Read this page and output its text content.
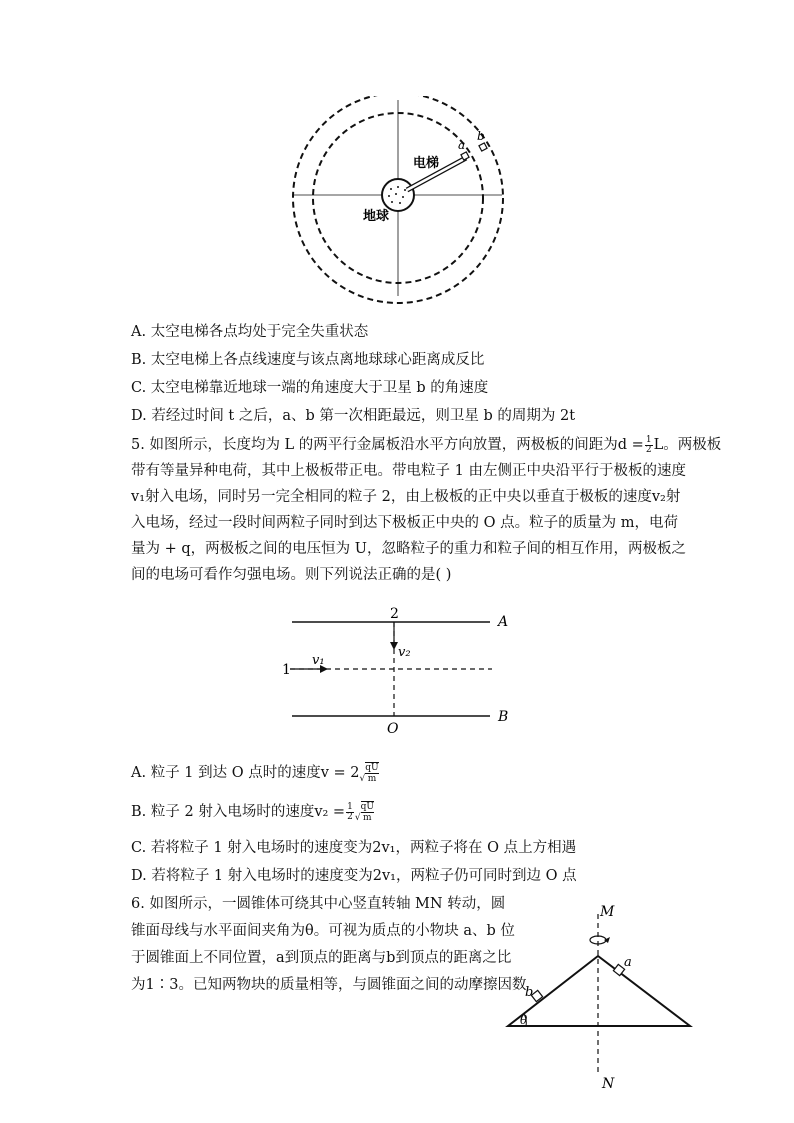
电梯
地球
a
b
A. 太空电梯各点均处于完全失重状态
B. 太空电梯上各点线速度与该点离地球球心距离成反比
C. 太空电梯靠近地球一端的角速度大于卫星 b 的角速度
D. 若经过时间 t 之后，a、b 第一次相距最远，则卫星 b 的周期为 2t
5. 如图所示，长度均为 L 的两平行金属板沿水平方向放置，两极板的间距为$d = \frac{1}{2}$ L。两极板
带有等量异种电荷，其中上极板带正电。带电粒子 1 由左侧正中央沿平行于极板的速度v₁射入电场，同时另一完全相同的粒子 2，由上极板的正中央以垂直于极板的速度v₂射入电场，经过一段时间两粒子同时到达下极板正中央的 O 点。粒子的质量为 m，电荷量为 + q，两极板之间的电压恒为 U，忽略粒子的重力和粒子间的相互作用，两极板之间的电场可看作匀强电场。则下列说法正确的是( )
2	A
v₂
1
v₁
O
B
A. 粒子 1 到达 O 点时的速度$v = 2√ \frac{qU}{m}$
B. 粒子 2 射入电场时的速度$v_2 = \frac{1}{2}$ √ $\frac{qU}{m}$
C. 若将粒子 1 射入电场时的速度变为2v₁，两粒子将在 O 点上方相遇
D. 若将粒子 1 射入电场时的速度变为2v₁，两粒子仍可同时到边 O 点
6. 如图所示，一圆锥体可绕其中心竖直转轴 MN 转动，圆
锥面母线与水平面间夹角为θ。可视为质点的小物块 a、b 位
于圆锥面上不同位置，a到顶点的距离与b到顶点的距离之比
为1∶3。已知两物块的质量相等，与圆锥面之间的动摩擦因数
M
N
a
b
θ
